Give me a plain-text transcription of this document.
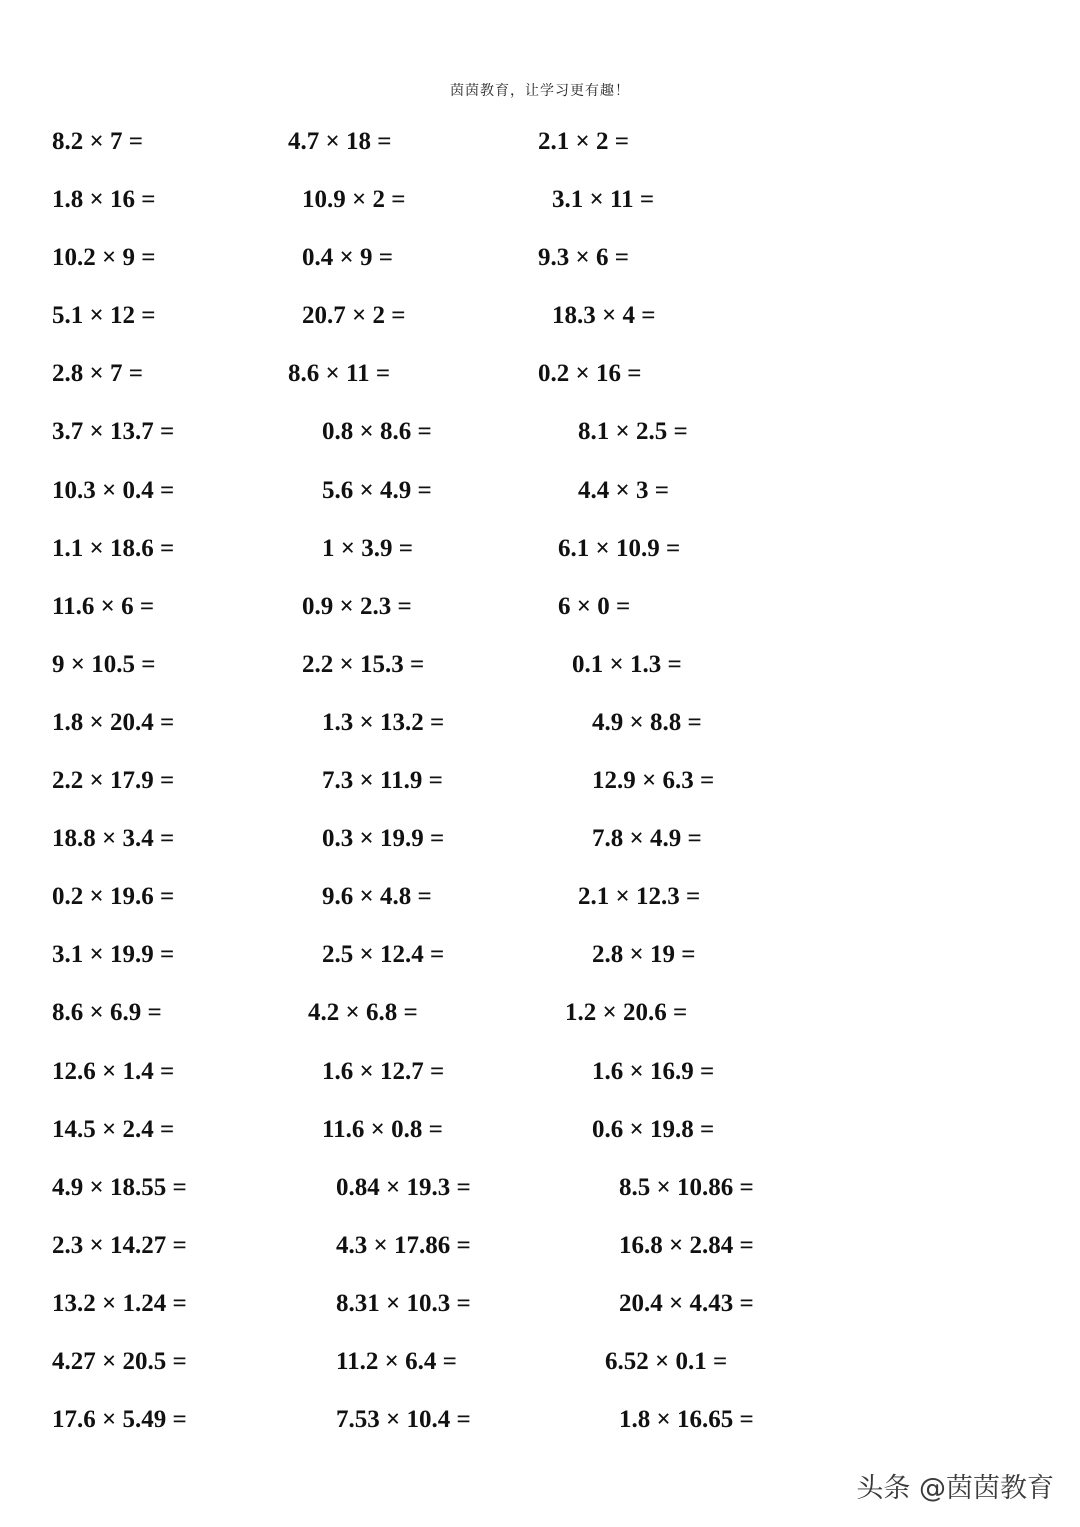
茵茵教育，让学习更有趣！
8.2 × 7 =	4.7 × 18 =	2.1 × 2 =
1.8 × 16 =	10.9 × 2 =	3.1 × 11 =
10.2 × 9 =	0.4 × 9 =	9.3 × 6 =
5.1 × 12 =	20.7 × 2 =	18.3 × 4 =
2.8 × 7 =	8.6 × 11 =	0.2 × 16 =
3.7 × 13.7 =	0.8 × 8.6 =	8.1 × 2.5 =
10.3 × 0.4 =	5.6 × 4.9 =	4.4 × 3 =
1.1 × 18.6 =	1 × 3.9 =	6.1 × 10.9 =
11.6 × 6 =	0.9 × 2.3 =	6 × 0 =
9 × 10.5 =	2.2 × 15.3 =	0.1 × 1.3 =
1.8 × 20.4 =	1.3 × 13.2 =	4.9 × 8.8 =
2.2 × 17.9 =	7.3 × 11.9 =	12.9 × 6.3 =
18.8 × 3.4 =	0.3 × 19.9 =	7.8 × 4.9 =
0.2 × 19.6 =	9.6 × 4.8 =	2.1 × 12.3 =
3.1 × 19.9 =	2.5 × 12.4 =	2.8 × 19 =
8.6 × 6.9 =	4.2 × 6.8 =	1.2 × 20.6 =
12.6 × 1.4 =	1.6 × 12.7 =	1.6 × 16.9 =
14.5 × 2.4 =	11.6 × 0.8 =	0.6 × 19.8 =
4.9 × 18.55 =	0.84 × 19.3 =	8.5 × 10.86 =
2.3 × 14.27 =	4.3 × 17.86 =	16.8 × 2.84 =
13.2 × 1.24 =	8.31 × 10.3 =	20.4 × 4.43 =
4.27 × 20.5 =	11.2 × 6.4 =	6.52 × 0.1 =
17.6 × 5.49 =	7.53 × 10.4 =	1.8 × 16.65 =
头条 @茵茵教育
